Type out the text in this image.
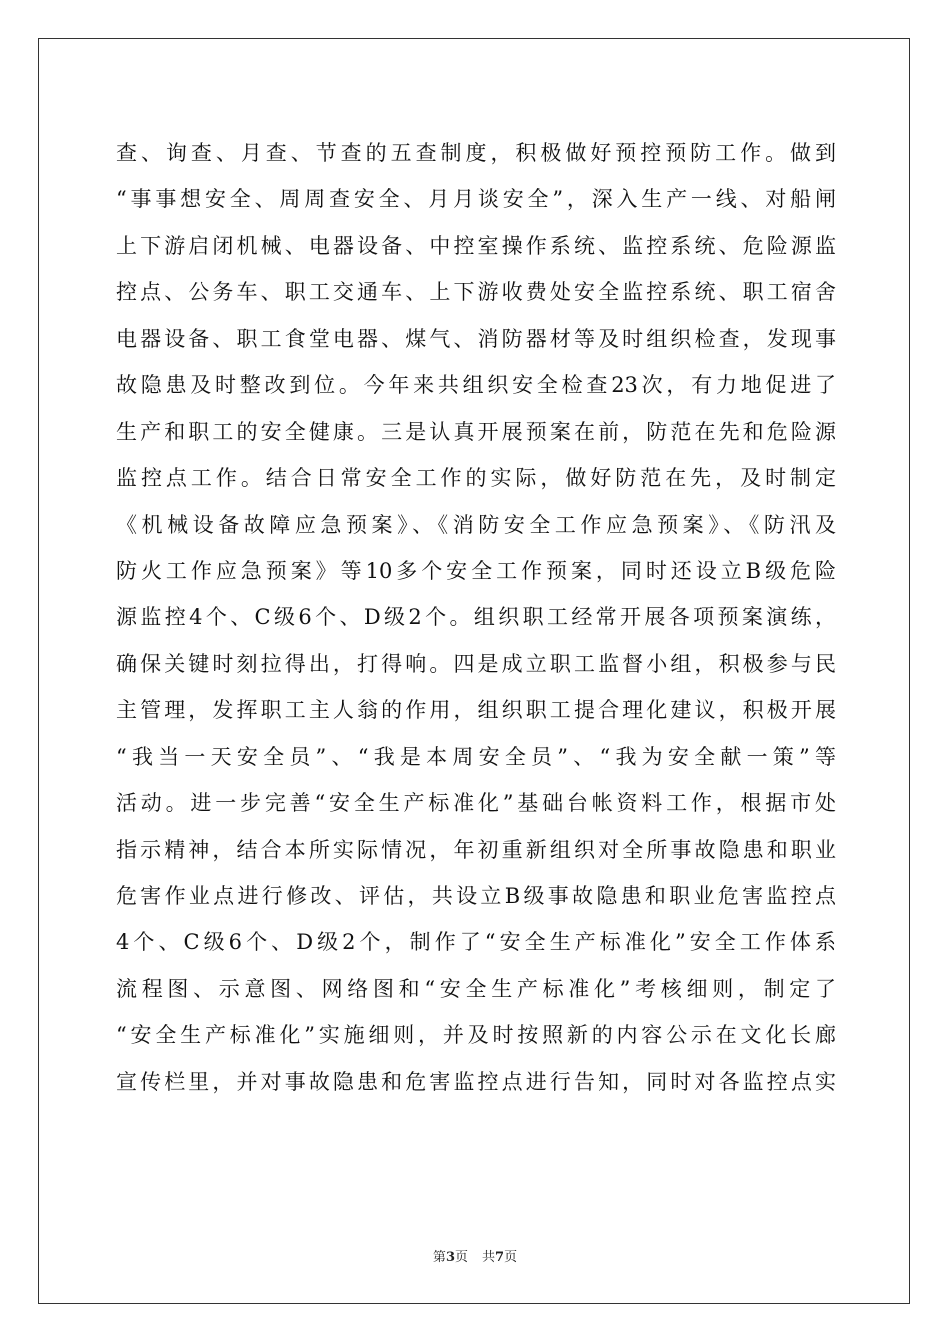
查、询查、月查、节查的五查制度，积极做好预控预防工作。做到
“事事想安全、周周查安全、月月谈安全”，深入生产一线、对船闸
上下游启闭机械、电器设备、中控室操作系统、监控系统、危险源监
控点、公务车、职工交通车、上下游收费处安全监控系统、职工宿舍
电器设备、职工食堂电器、煤气、消防器材等及时组织检查，发现事
故隐患及时整改到位。今年来共组织安全检查23次，有力地促进了
生产和职工的安全健康。三是认真开展预案在前，防范在先和危险源
监控点工作。结合日常安全工作的实际，做好防范在先，及时制定
《机械设备故障应急预案》、《消防安全工作应急预案》、《防汛及
防火工作应急预案》等10多个安全工作预案，同时还设立B级危险
源监控4个、C级6个、D级2个。组织职工经常开展各项预案演练，
确保关键时刻拉得出，打得响。四是成立职工监督小组，积极参与民
主管理，发挥职工主人翁的作用，组织职工提合理化建议，积极开展
“我当一天安全员”、“我是本周安全员”、“我为安全献一策”等
活动。进一步完善“安全生产标准化”基础台帐资料工作，根据市处
指示精神，结合本所实际情况，年初重新组织对全所事故隐患和职业
危害作业点进行修改、评估，共设立B级事故隐患和职业危害监控点
4个、C级6个、D级2个，制作了“安全生产标准化”安全工作体系
流程图、示意图、网络图和“安全生产标准化”考核细则，制定了
“安全生产标准化”实施细则，并及时按照新的内容公示在文化长廊
宣传栏里，并对事故隐患和危害监控点进行告知，同时对各监控点实
第3页 共7页
